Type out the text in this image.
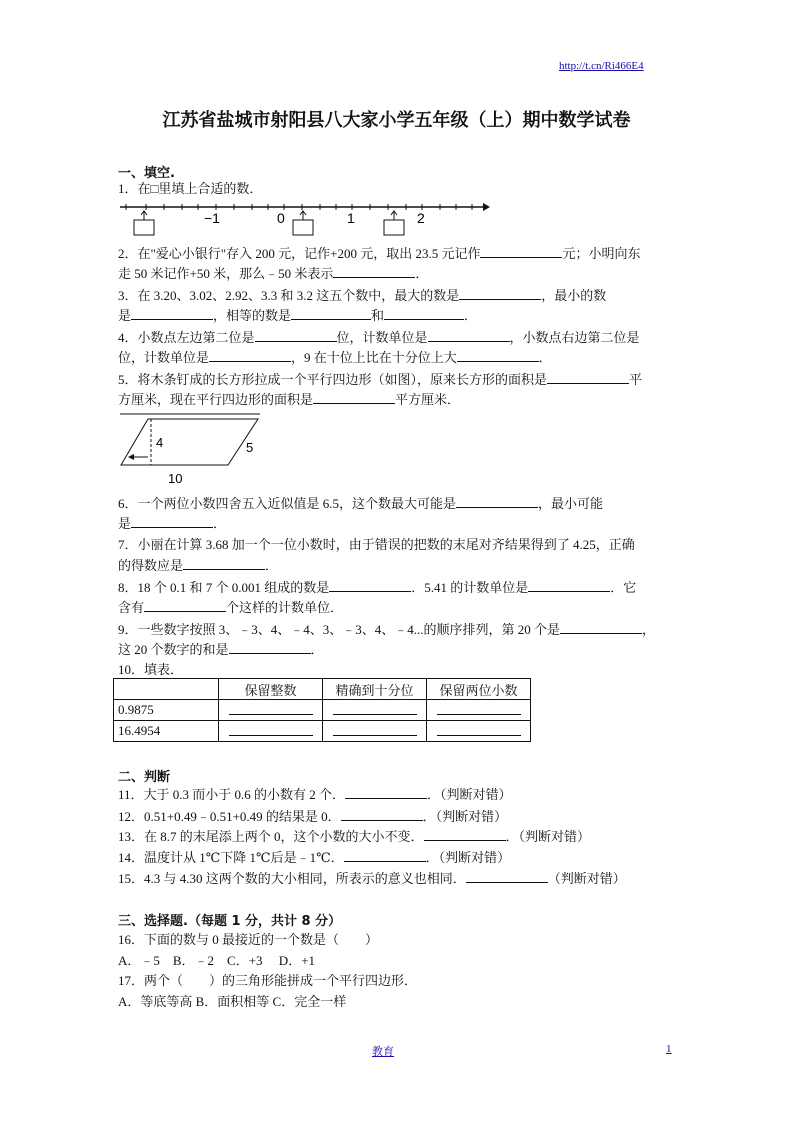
http://t.cn/Ri466E4
江苏省盐城市射阳县八大家小学五年级（上）期中数学试卷
一、填空.
1．在□里填上合适的数．
−1	0	1	2
2．在"爱心小银行"存入 200 元，记作+200 元，取出 23.5 元记作	元；小明向东
走 50 米记作+50 米，那么﹣50 米表示	．
3．在 3.20、3.02、2.92、3.3 和 3.2 这五个数中，最大的数是	，最小的数
是	，相等的数是	和	．
4．小数点左边第二位是	位，计数单位是	，小数点右边第二位是
位，计数单位是	，9 在十位上比在十分位上大	．
5．将木条钉成的长方形拉成一个平行四边形（如图），原来长方形的面积是	平
方厘米，现在平行四边形的面积是	平方厘米．
4	5
10
6．一个两位小数四舍五入近似值是 6.5，这个数最大可能是	，最小可能
是	．
7．小丽在计算 3.68 加一个一位小数时，由于错误的把数的末尾对齐结果得到了 4.25，正确
的得数应是	．
8．18 个 0.1 和 7 个 0.001 组成的数是	．5.41 的计数单位是	．它
含有	个这样的计数单位．
9．一些数字按照 3、﹣3、4、﹣4、3、﹣3、4、﹣4...的顺序排列，第 20 个是	，
这 20 个数字的和是	．
10．填表．
	保留整数	精确到十分位	保留两位小数
0.9875			
16.4954			
二、判断
11．大于 0.3 而小于 0.6 的小数有 2 个．	．（判断对错）
12．0.51+0.49﹣0.51+0.49 的结果是 0．	．（判断对错）
13．在 8.7 的末尾添上两个 0，这个小数的大小不变．	．（判断对错）
14．温度计从 1℃下降 1℃后是﹣1℃．	．（判断对错）
15．4.3 与 4.30 这两个数的大小相同，所表示的意义也相同．	（判断对错）
三、选择题.（每题 1 分，共计 8 分）
16．下面的数与 0 最接近的一个数是（　　）
A．﹣5　B．﹣2　C．+3　 D．+1
17．两个（　　）的三角形能拼成一个平行四边形．
A．等底等高 B．面积相等 C．完全一样
教育	1
